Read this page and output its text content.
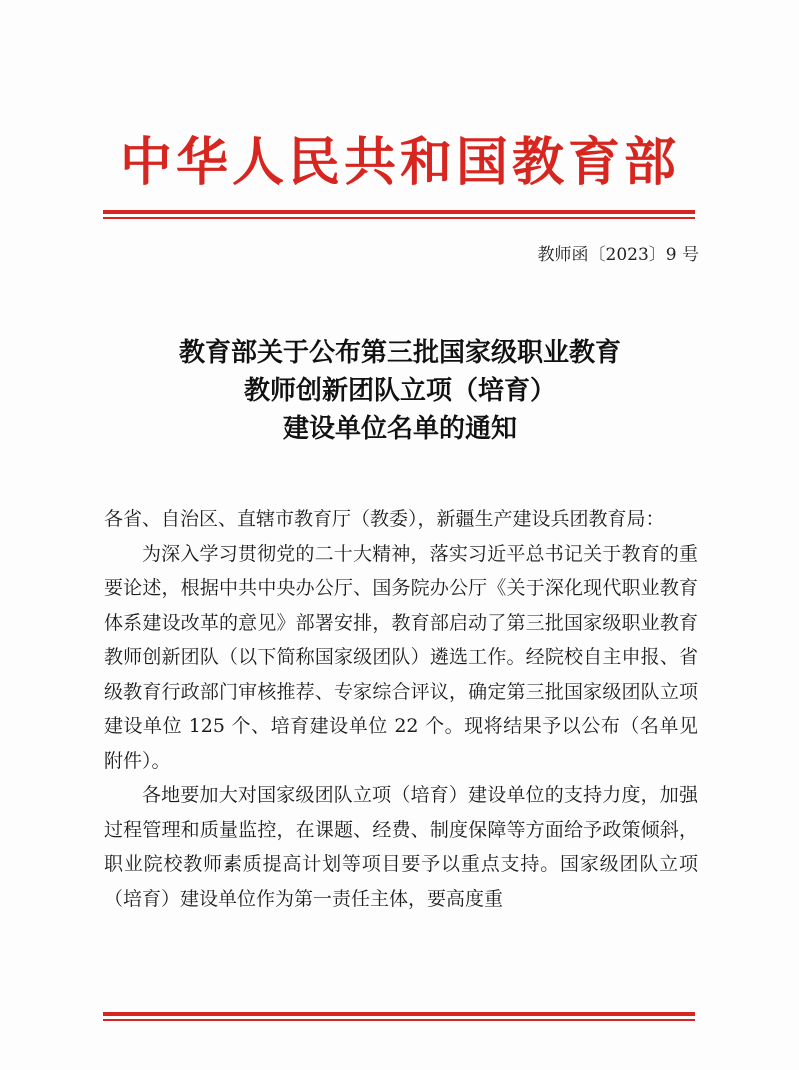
中华人民共和国教育部
教师函〔2023〕9 号
教育部关于公布第三批国家级职业教育
教师创新团队立项（培育）
建设单位名单的通知

各省、自治区、直辖市教育厅（教委），新疆生产建设兵团教育局：

为深入学习贯彻党的二十大精神，落实习近平总书记关于教育的重要论述，根据中共中央办公厅、国务院办公厅《关于深化现代职业教育体系建设改革的意见》部署安排，教育部启动了第三批国家级职业教育教师创新团队（以下简称国家级团队）遴选工作。经院校自主申报、省级教育行政部门审核推荐、专家综合评议，确定第三批国家级团队立项建设单位 125 个、培育建设单位 22 个。现将结果予以公布（名单见附件）。

各地要加大对国家级团队立项（培育）建设单位的支持力度，加强过程管理和质量监控，在课题、经费、制度保障等方面给予政策倾斜，职业院校教师素质提高计划等项目要予以重点支持。国家级团队立项（培育）建设单位作为第一责任主体，要高度重
